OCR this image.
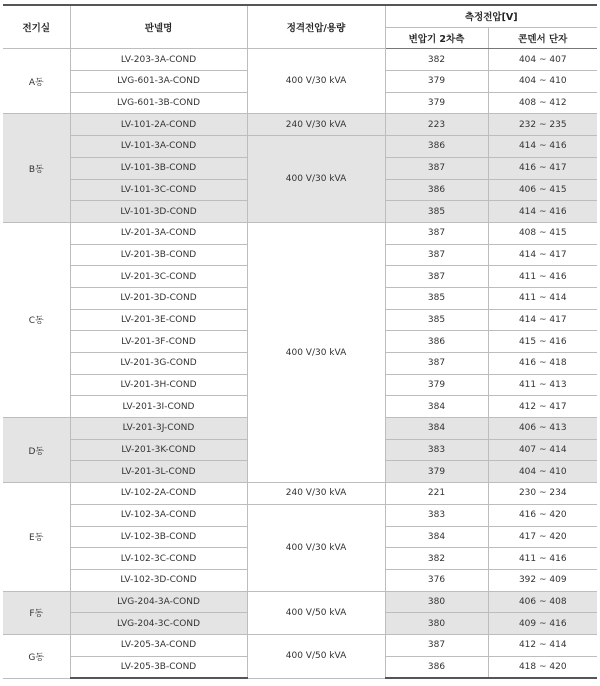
전기실	판넬명	정격전압/용량	측정전압[V]	
			변압기 2차측	콘덴서 단자
A동	LV-203-3A-COND	400 V/30 kVA	382	404 ~ 407
	LVG-601-3A-COND		379	404 ~ 410
	LVG-601-3B-COND		379	408 ~ 412
B동	LV-101-2A-COND	240 V/30 kVA	223	232 ~ 235
	LV-101-3A-COND	400 V/30 kVA	386	414 ~ 416
	LV-101-3B-COND		387	416 ~ 417
	LV-101-3C-COND		386	406 ~ 415
	LV-101-3D-COND		385	414 ~ 416
C동	LV-201-3A-COND	400 V/30 kVA	387	408 ~ 415
	LV-201-3B-COND		387	414 ~ 417
	LV-201-3C-COND		387	411 ~ 416
	LV-201-3D-COND		385	411 ~ 414
	LV-201-3E-COND		385	414 ~ 417
	LV-201-3F-COND		386	415 ~ 416
	LV-201-3G-COND		387	416 ~ 418
	LV-201-3H-COND		379	411 ~ 413
	LV-201-3I-COND		384	412 ~ 417
D동	LV-201-3J-COND		384	406 ~ 413
	LV-201-3K-COND		383	407 ~ 414
	LV-201-3L-COND		379	404 ~ 410
E동	LV-102-2A-COND	240 V/30 kVA	221	230 ~ 234
	LV-102-3A-COND	400 V/30 kVA	383	416 ~ 420
	LV-102-3B-COND		384	417 ~ 420
	LV-102-3C-COND		382	411 ~ 416
	LV-102-3D-COND		376	392 ~ 409
F동	LVG-204-3A-COND	400 V/50 kVA	380	406 ~ 408
	LVG-204-3C-COND		380	409 ~ 416
G동	LV-205-3A-COND	400 V/50 kVA	387	412 ~ 414
	LV-205-3B-COND		386	418 ~ 420
